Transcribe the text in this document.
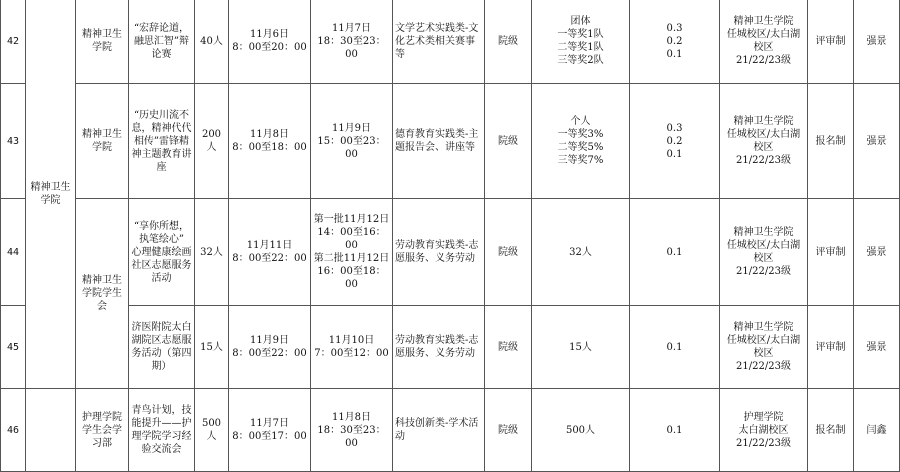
42	精神卫生学院	精神卫生学院	“宏辞论道，融思汇智”辩论赛	40人	11月6日
8：00至20：00	11月7日
18：30至23：00	文学艺术实践类-文化艺术类相关赛事等	院级	团体
一等奖1队
二等奖1队
三等奖2队	0.3
0.2
0.1	精神卫生学院
任城校区/太白湖校区
21/22/23级	评审制	强景
43		精神卫生学院	“历史川流不息，精神代代相传”雷锋精神主题教育讲座	200人	11月8日
8：00至18：00	11月9日
15：00至23：00	德育教育实践类-主题报告会、讲座等	院级	个人
一等奖3%
二等奖5%
三等奖7%	0.3
0.2
0.1	精神卫生学院
任城校区/太白湖校区
21/22/23级	报名制	强景
44		精神卫生学院学生会	“享你所想，执笔绘心”
心理健康绘画
社区志愿服务活动	32人	11月11日
8：00至22：00	第一批11月12日
14：00至16：00
第二批11月12日
16：00至18：00	劳动教育实践类-志愿服务、义务劳动	院级	32人	0.1	精神卫生学院
任城校区/太白湖校区
21/22/23级	评审制	强景
45			济医附院太白湖院区志愿服务活动（第四期）	15人	11月9日
8：00至22：00	11月10日
7：00至12：00	劳动教育实践类-志愿服务、义务劳动	院级	15人	0.1	精神卫生学院
任城校区/太白湖校区
21/22/23级	评审制	强景
46		护理学院学生会学习部	青鸟计划，技能提升——护理学院学习经验交流会	500人	11月7日
8：00至17：00	11月8日
18：30至23：00	科技创新类-学术活动	院级	500人	0.1	护理学院
太白湖校区
21/22/23级	报名制	闫鑫
